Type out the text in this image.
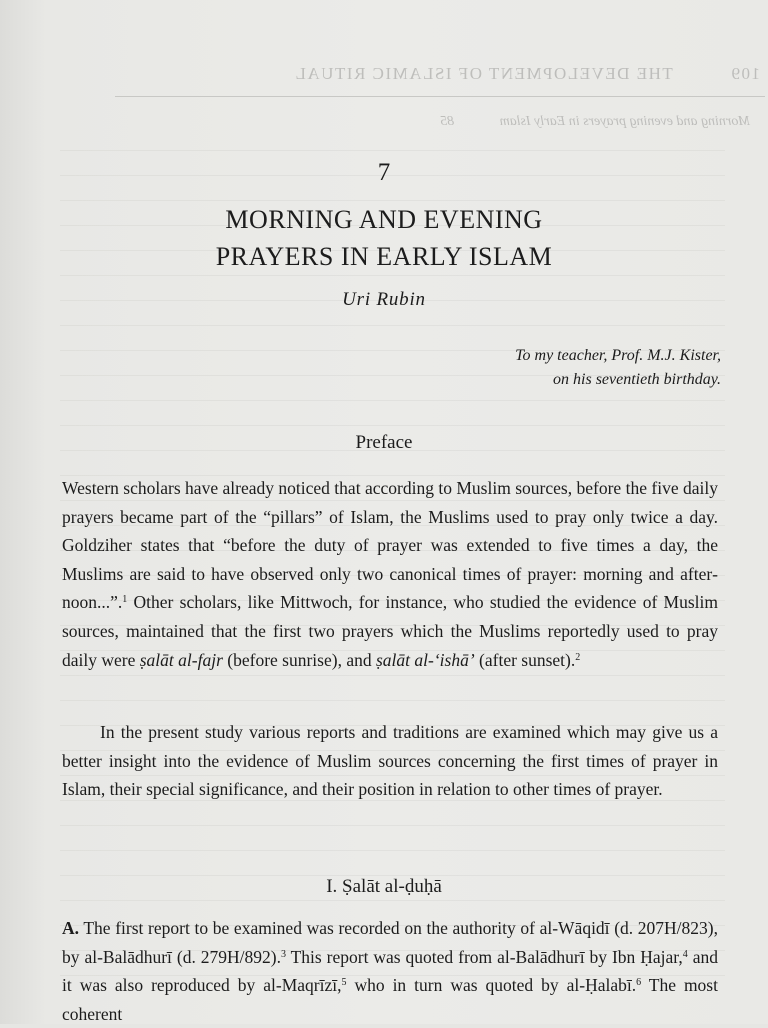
109          THE DEVELOPMENT OF ISLAMIC RITUAL
Morning and evening prayers in Early Islam             85
7
MORNING AND EVENING
PRAYERS IN EARLY ISLAM
Uri Rubin
To my teacher, Prof. M.J. Kister,
on his seventieth birthday.
Preface

Western scholars have already noticed that according to Muslim sources, before the five daily prayers became part of the “pillars” of Islam, the Muslims used to pray only twice a day. Goldziher states that “before the duty of prayer was extended to five times a day, the Muslims are said to have observed only two canonical times of prayer: morning and afternoon...”.$^1$ Other scholars, like Mittwoch, for instance, who studied the evidence of Muslim sources, maintained that the first two prayers which the Muslims reportedly used to pray daily were ṣalāt al-fajr (before sunrise), and ṣalāt al-‘ishā’ (after sunset).$^2$

In the present study various reports and traditions are examined which may give us a better insight into the evidence of Muslim sources concerning the first times of prayer in Islam, their special significance, and their position in relation to other times of prayer.

I. Ṣalāt al-ḍuḥā

A. The first report to be examined was recorded on the authority of al-Wāqidī (d. 207H/823), by al-Balādhurī (d. 279H/892).$^3$ This report was quoted from al-Balādhurī by Ibn Ḥajar,$^4$ and it was also reproduced by al-Maqrīzī,$^5$ who in turn was quoted by al-Ḥalabī.$^6$ The most coherent
